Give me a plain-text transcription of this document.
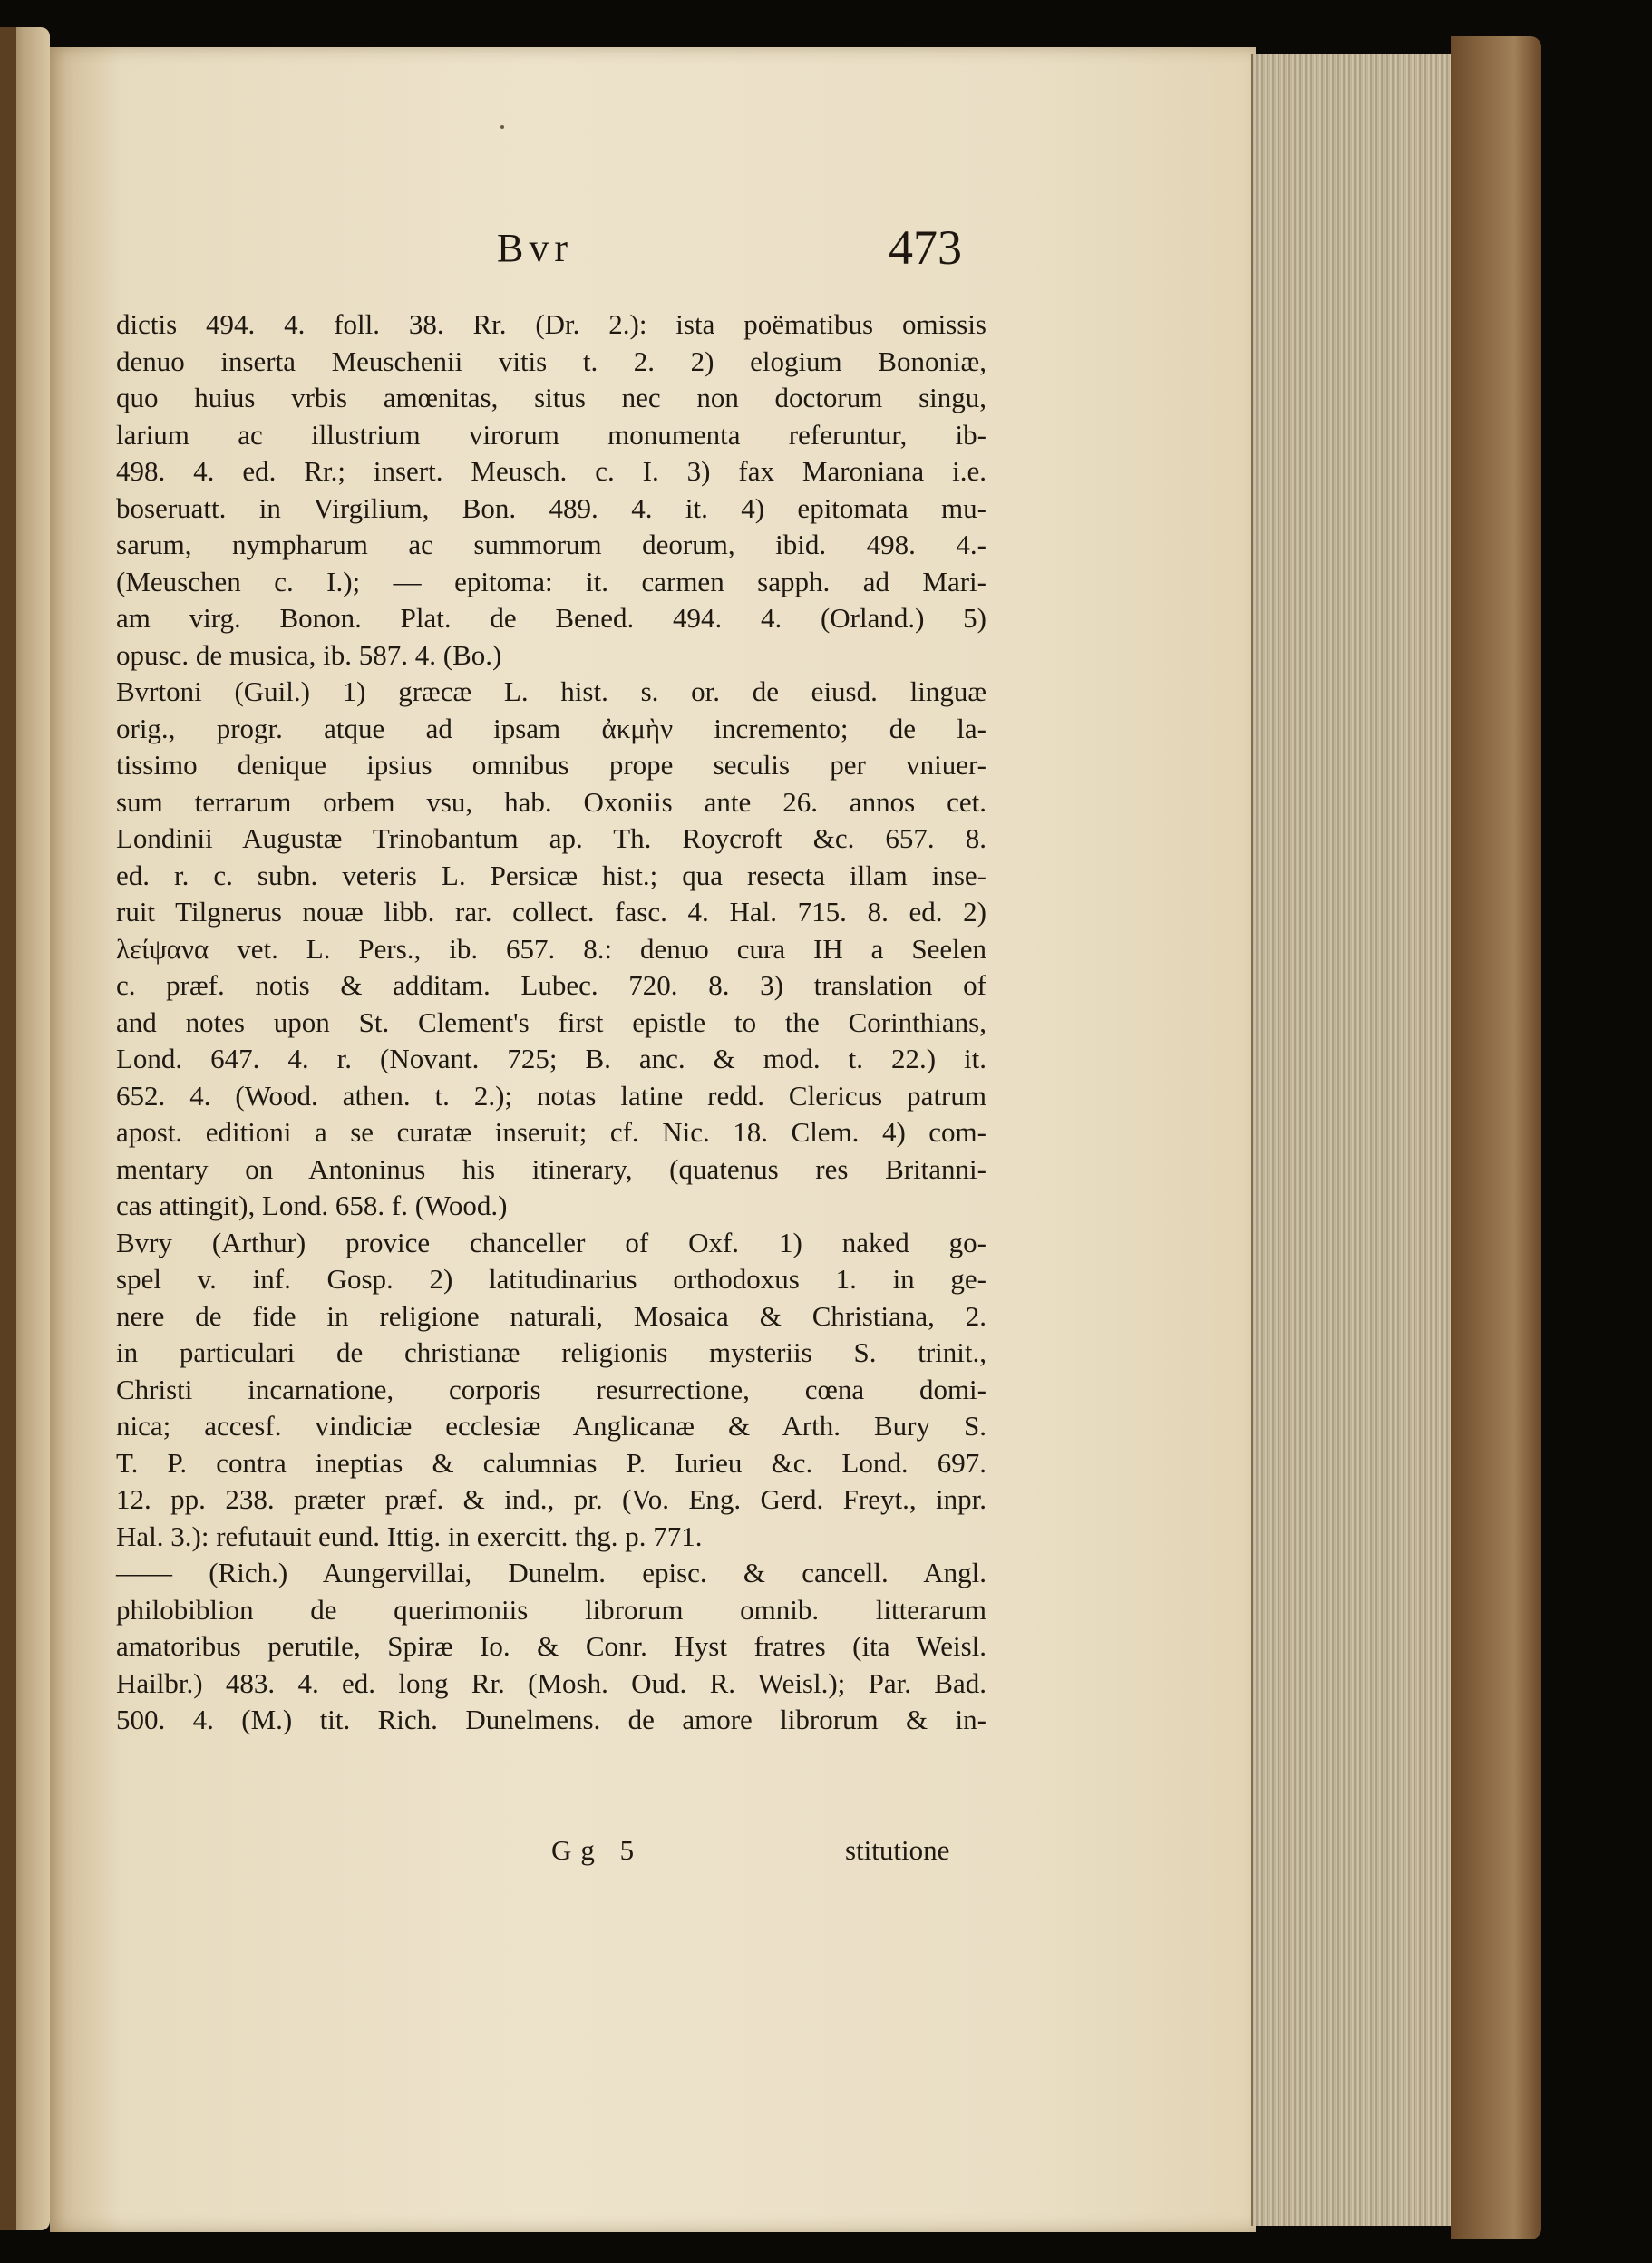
Bvr	473
dictis 494. 4. foll. 38. Rr. (Dr. 2.): ista poëmatibus omissis
denuo inserta Meuschenii vitis t. 2. 2) elogium Bononiæ,
quo huius vrbis amœnitas, situs nec non doctorum singu,
larium ac illustrium virorum monumenta referuntur, ib-
498. 4. ed. Rr.; insert. Meusch. c. I. 3) fax Maroniana i.e.
boseruatt. in Virgilium, Bon. 489. 4. it. 4) epitomata mu-
sarum, nympharum ac summorum deorum, ibid. 498. 4.-
(Meuschen c. I.); — epitoma: it. carmen sapph. ad Mari-
am virg. Bonon. Plat. de Bened. 494. 4. (Orland.) 5)
opusc. de musica, ib. 587. 4. (Bo.)
Bvrtoni (Guil.) 1) græcæ L. hist. s. or. de eiusd. linguæ
orig., progr. atque ad ipsam ἀκμὴν incremento; de la-
tissimo denique ipsius omnibus prope seculis per vniuer-
sum terrarum orbem vsu, hab. Oxoniis ante 26. annos cet.
Londinii Augustæ Trinobantum ap. Th. Roycroft &c. 657. 8.
ed. r. c. subn. veteris L. Persicæ hist.; qua resecta illam inse-
ruit Tilgnerus nouæ libb. rar. collect. fasc. 4. Hal. 715. 8. ed. 2)
λείψανα vet. L. Pers., ib. 657. 8.: denuo cura IH a Seelen
c. præf. notis & additam. Lubec. 720. 8. 3) translation of
and notes upon St. Clement's first epistle to the Corinthians,
Lond. 647. 4. r. (Novant. 725; B. anc. & mod. t. 22.) it.
652. 4. (Wood. athen. t. 2.); notas latine redd. Clericus patrum
apost. editioni a se curatæ inseruit; cf. Nic. 18. Clem. 4) com-
mentary on Antoninus his itinerary, (quatenus res Britanni-
cas attingit), Lond. 658. f. (Wood.)
Bvry (Arthur) provice chanceller of Oxf. 1) naked go-
spel v. inf. Gosp. 2) latitudinarius orthodoxus 1. in ge-
nere de fide in religione naturali, Mosaica & Christiana, 2.
in particulari de christianæ religionis mysteriis S. trinit.,
Christi incarnatione, corporis resurrectione, cœna domi-
nica; accesf. vindiciæ ecclesiæ Anglicanæ & Arth. Bury S.
T. P. contra ineptias & calumnias P. Iurieu &c. Lond. 697.
12. pp. 238. præter præf. & ind., pr. (Vo. Eng. Gerd. Freyt., inpr.
Hal. 3.): refutauit eund. Ittig. in exercitt. thg. p. 771.
—— (Rich.) Aungervillai, Dunelm. episc. & cancell. Angl.
philobiblion de querimoniis librorum omnib. litterarum
amatoribus perutile, Spiræ Io. & Conr. Hyst fratres (ita Weisl.
Hailbr.) 483. 4. ed. long Rr. (Mosh. Oud. R. Weisl.); Par. Bad.
500. 4. (M.) tit. Rich. Dunelmens. de amore librorum & in-
Gg 5	stitutione
